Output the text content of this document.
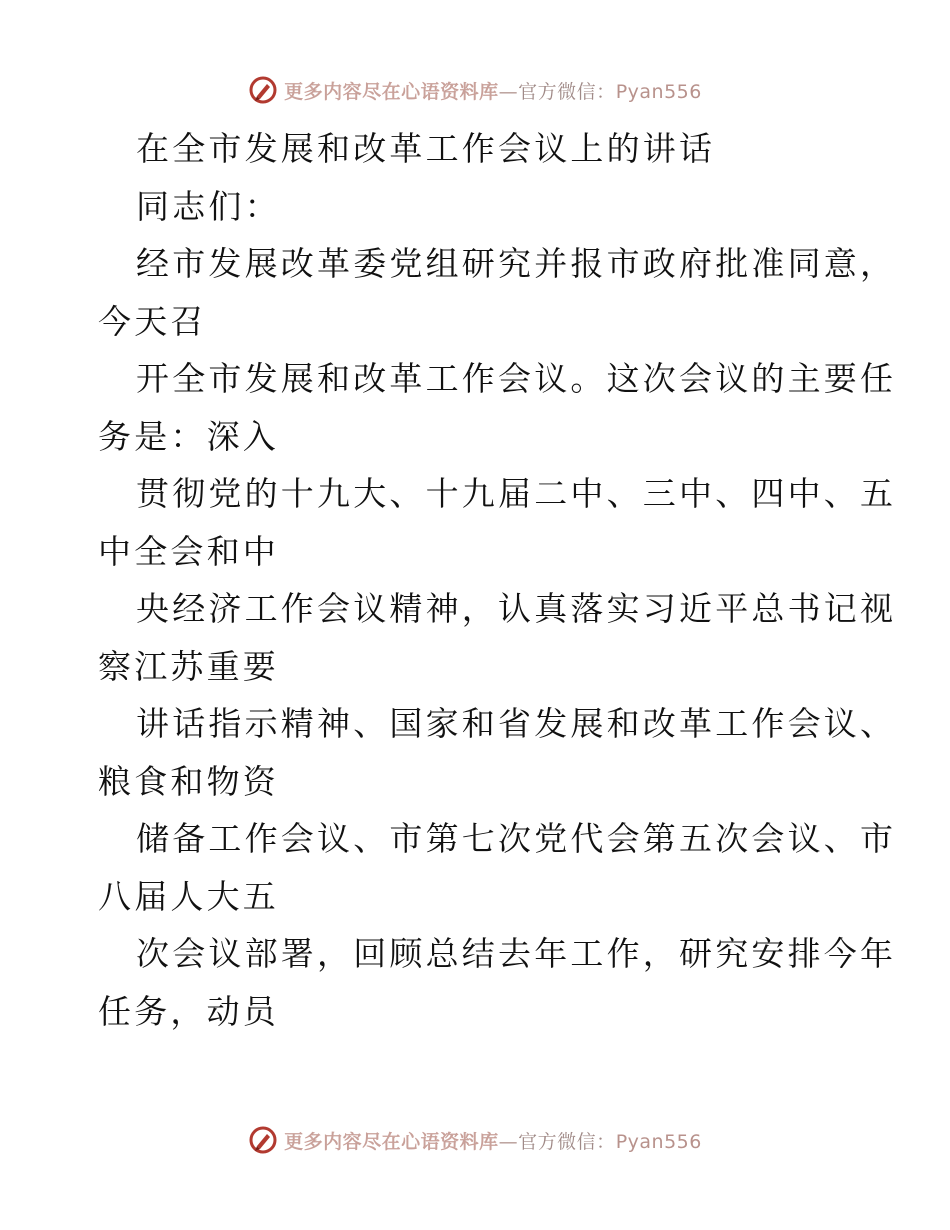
更多内容尽在心语资料库—官方微信：Pyan556
在全市发展和改革工作会议上的讲话
同志们：
经市发展改革委党组研究并报市政府批准同意，
今天召
开全市发展和改革工作会议。这次会议的主要任
务是：深入
贯彻党的十九大、十九届二中、三中、四中、五
中全会和中
央经济工作会议精神，认真落实习近平总书记视
察江苏重要
讲话指示精神、国家和省发展和改革工作会议、
粮食和物资
储备工作会议、市第七次党代会第五次会议、市
八届人大五
次会议部署，回顾总结去年工作，研究安排今年
任务，动员
更多内容尽在心语资料库—官方微信：Pyan556
